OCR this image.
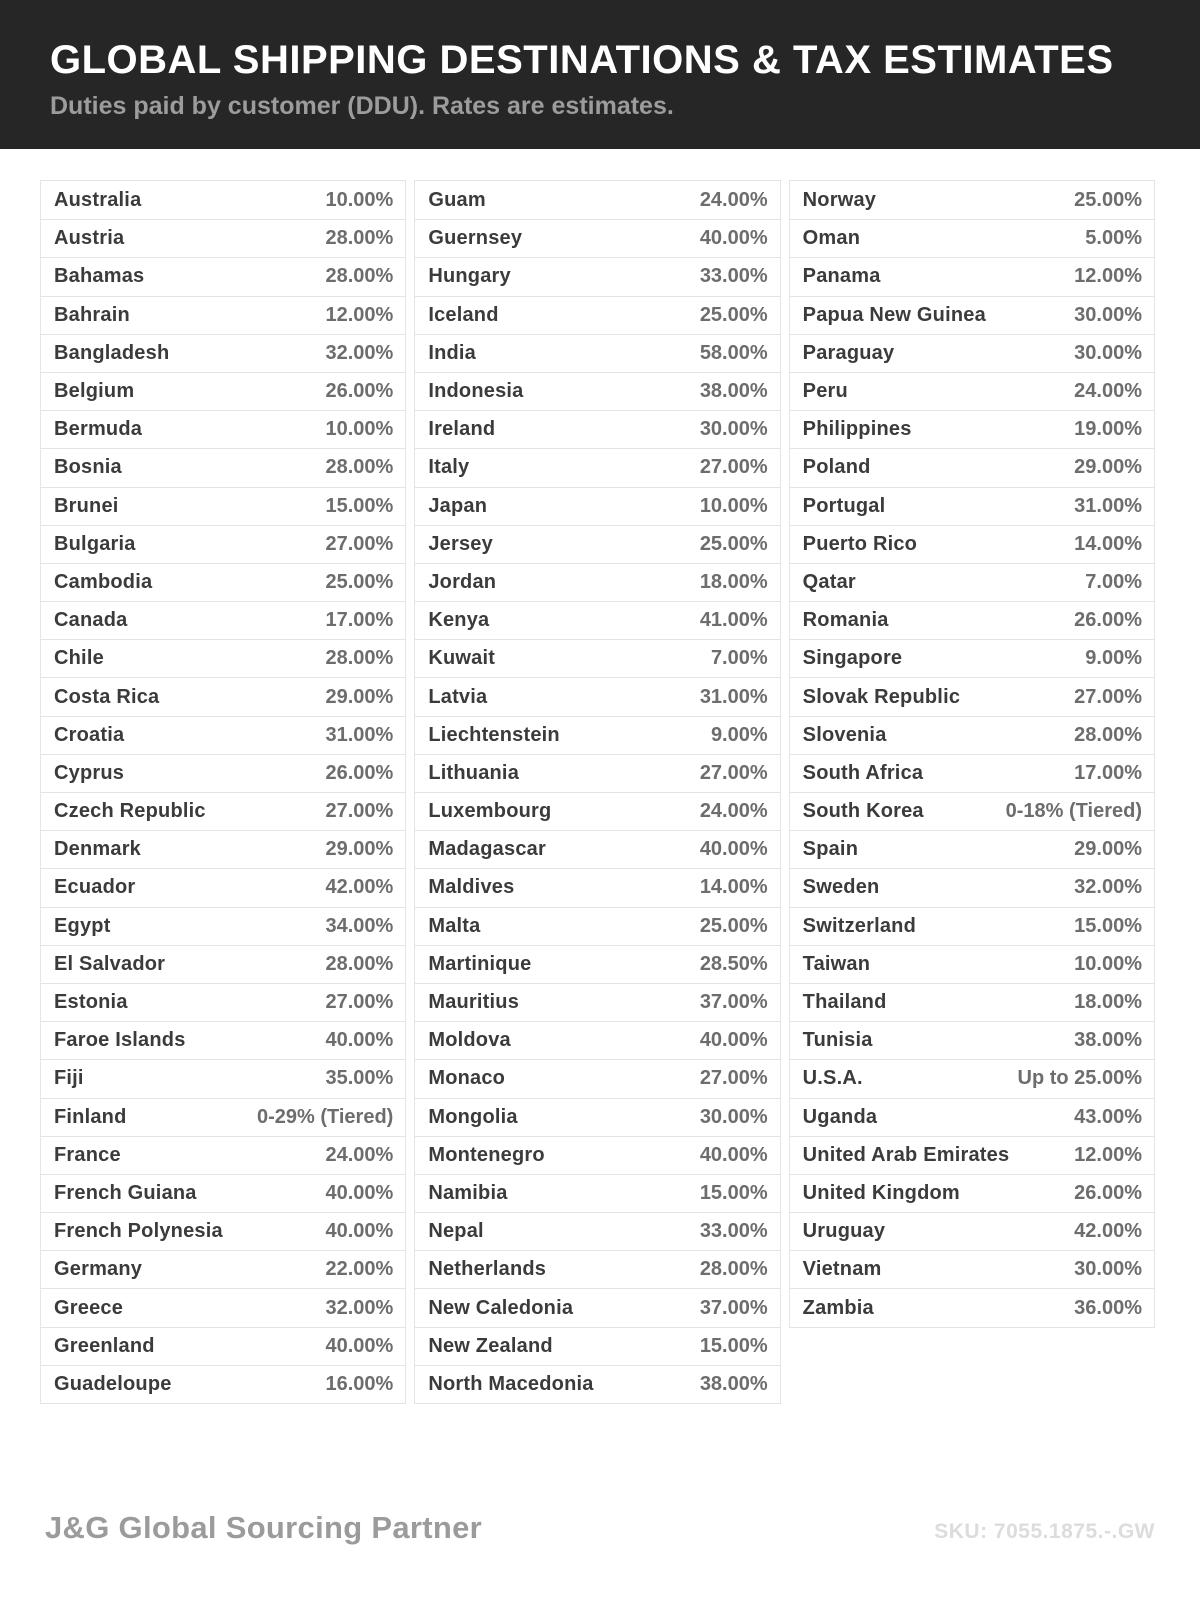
GLOBAL SHIPPING DESTINATIONS & TAX ESTIMATES
Duties paid by customer (DDU). Rates are estimates.
Australia	10.00%
Austria	28.00%
Bahamas	28.00%
Bahrain	12.00%
Bangladesh	32.00%
Belgium	26.00%
Bermuda	10.00%
Bosnia	28.00%
Brunei	15.00%
Bulgaria	27.00%
Cambodia	25.00%
Canada	17.00%
Chile	28.00%
Costa Rica	29.00%
Croatia	31.00%
Cyprus	26.00%
Czech Republic	27.00%
Denmark	29.00%
Ecuador	42.00%
Egypt	34.00%
El Salvador	28.00%
Estonia	27.00%
Faroe Islands	40.00%
Fiji	35.00%
Finland	0-29% (Tiered)
France	24.00%
French Guiana	40.00%
French Polynesia	40.00%
Germany	22.00%
Greece	32.00%
Greenland	40.00%
Guadeloupe	16.00%
Guam	24.00%
Guernsey	40.00%
Hungary	33.00%
Iceland	25.00%
India	58.00%
Indonesia	38.00%
Ireland	30.00%
Italy	27.00%
Japan	10.00%
Jersey	25.00%
Jordan	18.00%
Kenya	41.00%
Kuwait	7.00%
Latvia	31.00%
Liechtenstein	9.00%
Lithuania	27.00%
Luxembourg	24.00%
Madagascar	40.00%
Maldives	14.00%
Malta	25.00%
Martinique	28.50%
Mauritius	37.00%
Moldova	40.00%
Monaco	27.00%
Mongolia	30.00%
Montenegro	40.00%
Namibia	15.00%
Nepal	33.00%
Netherlands	28.00%
New Caledonia	37.00%
New Zealand	15.00%
North Macedonia	38.00%
Norway	25.00%
Oman	5.00%
Panama	12.00%
Papua New Guinea	30.00%
Paraguay	30.00%
Peru	24.00%
Philippines	19.00%
Poland	29.00%
Portugal	31.00%
Puerto Rico	14.00%
Qatar	7.00%
Romania	26.00%
Singapore	9.00%
Slovak Republic	27.00%
Slovenia	28.00%
South Africa	17.00%
South Korea	0-18% (Tiered)
Spain	29.00%
Sweden	32.00%
Switzerland	15.00%
Taiwan	10.00%
Thailand	18.00%
Tunisia	38.00%
U.S.A.	Up to 25.00%
Uganda	43.00%
United Arab Emirates	12.00%
United Kingdom	26.00%
Uruguay	42.00%
Vietnam	30.00%
Zambia	36.00%
J&G Global Sourcing Partner	SKU: 7055.1875.-.GW
